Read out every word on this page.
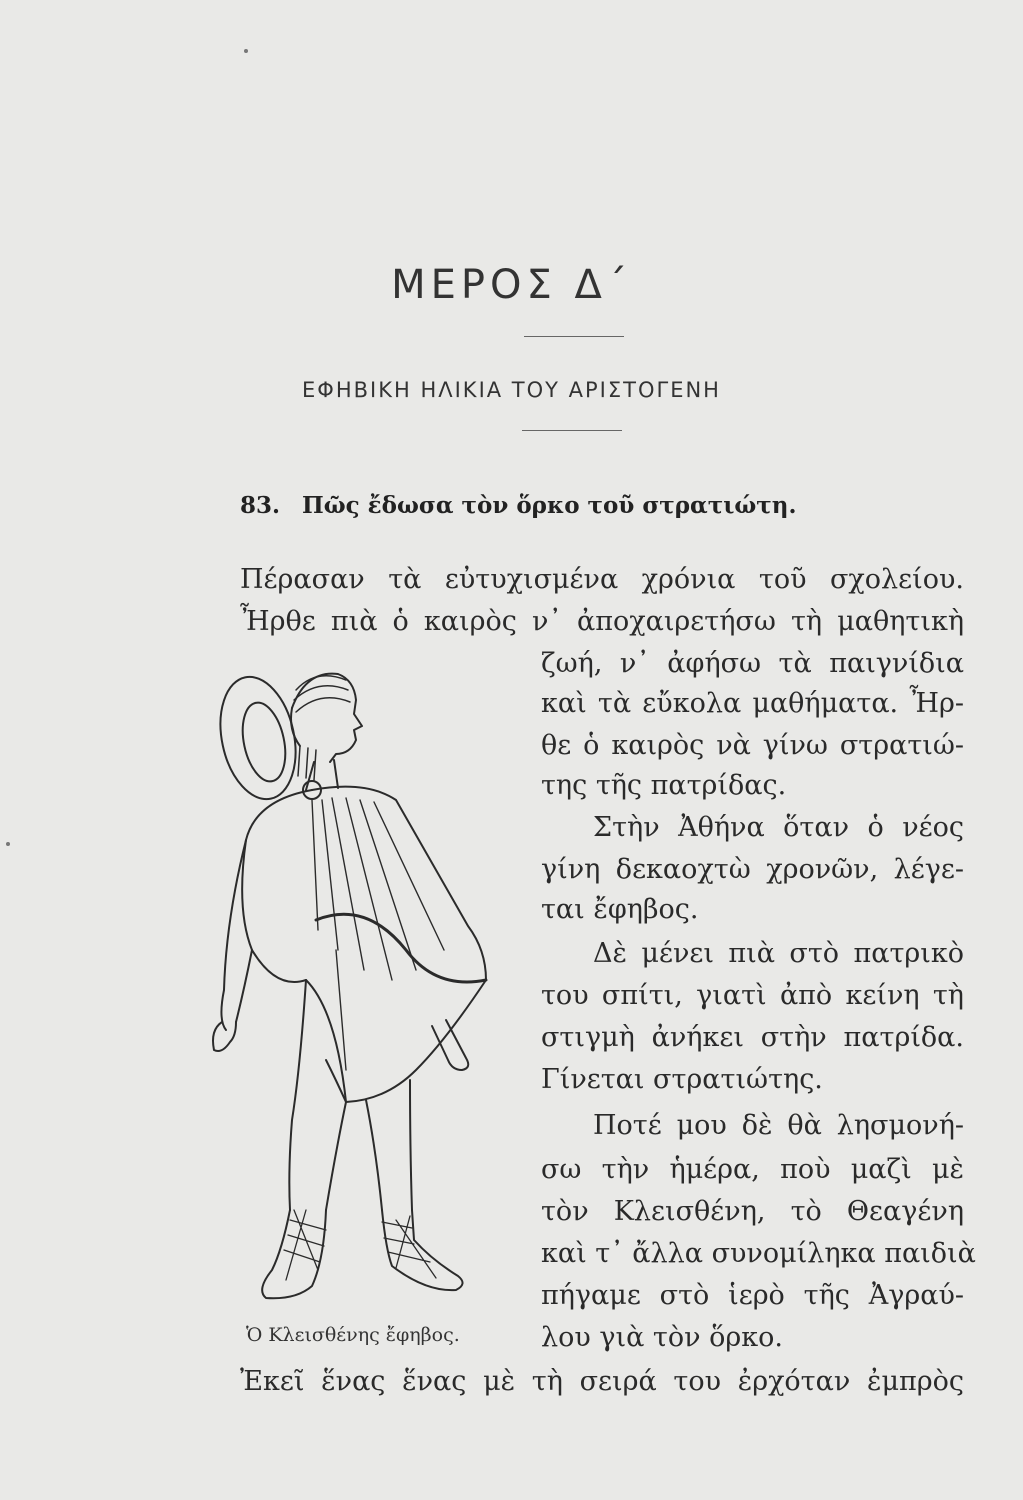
ΜΕΡΟΣ Δ΄
ΕΦΗΒΙΚΗ ΗΛΙΚΙΑ ΤΟΥ ΑΡΙΣΤΟΓΕΝΗ
83. Πῶς ἔδωσα τὸν ὅρκο τοῦ στρατιώτη.
Πέρασαν τὰ εὐτυχισμένα χρόνια τοῦ σχολείου.
Ἦρθε πιὰ ὁ καιρὸς ν᾿ ἀποχαιρετήσω τὴ μαθητικὴ
ζωή, ν᾿ ἀφήσω τὰ παιγνίδια
καὶ τὰ εὔκολα μαθήματα. Ἦρ-
θε ὁ καιρὸς νὰ γίνω στρατιώ-
της τῆς πατρίδας.
Στὴν Ἀθήνα ὅταν ὁ νέος
γίνη δεκαοχτὼ χρονῶν, λέγε-
ται ἔφηβος.
Δὲ μένει πιὰ στὸ πατρικὸ
του σπίτι, γιατὶ ἀπὸ κείνη τὴ
στιγμὴ ἀνήκει στὴν πατρίδα.
Γίνεται στρατιώτης.
Ποτέ μου δὲ θὰ λησμονή-
σω τὴν ἡμέρα, ποὺ μαζὶ μὲ
τὸν Κλεισθένη, τὸ Θεαγένη
καὶ τ᾿ ἄλλα συνομίληκα παιδιὰ
πήγαμε στὸ ἱερὸ τῆς Ἀγραύ-
λου γιὰ τὸν ὅρκο.
Ἐκεῖ ἕνας ἕνας μὲ τὴ σειρά του ἐρχόταν ἐμπρὸς
Ὁ Κλεισθένης ἔφηβος.
